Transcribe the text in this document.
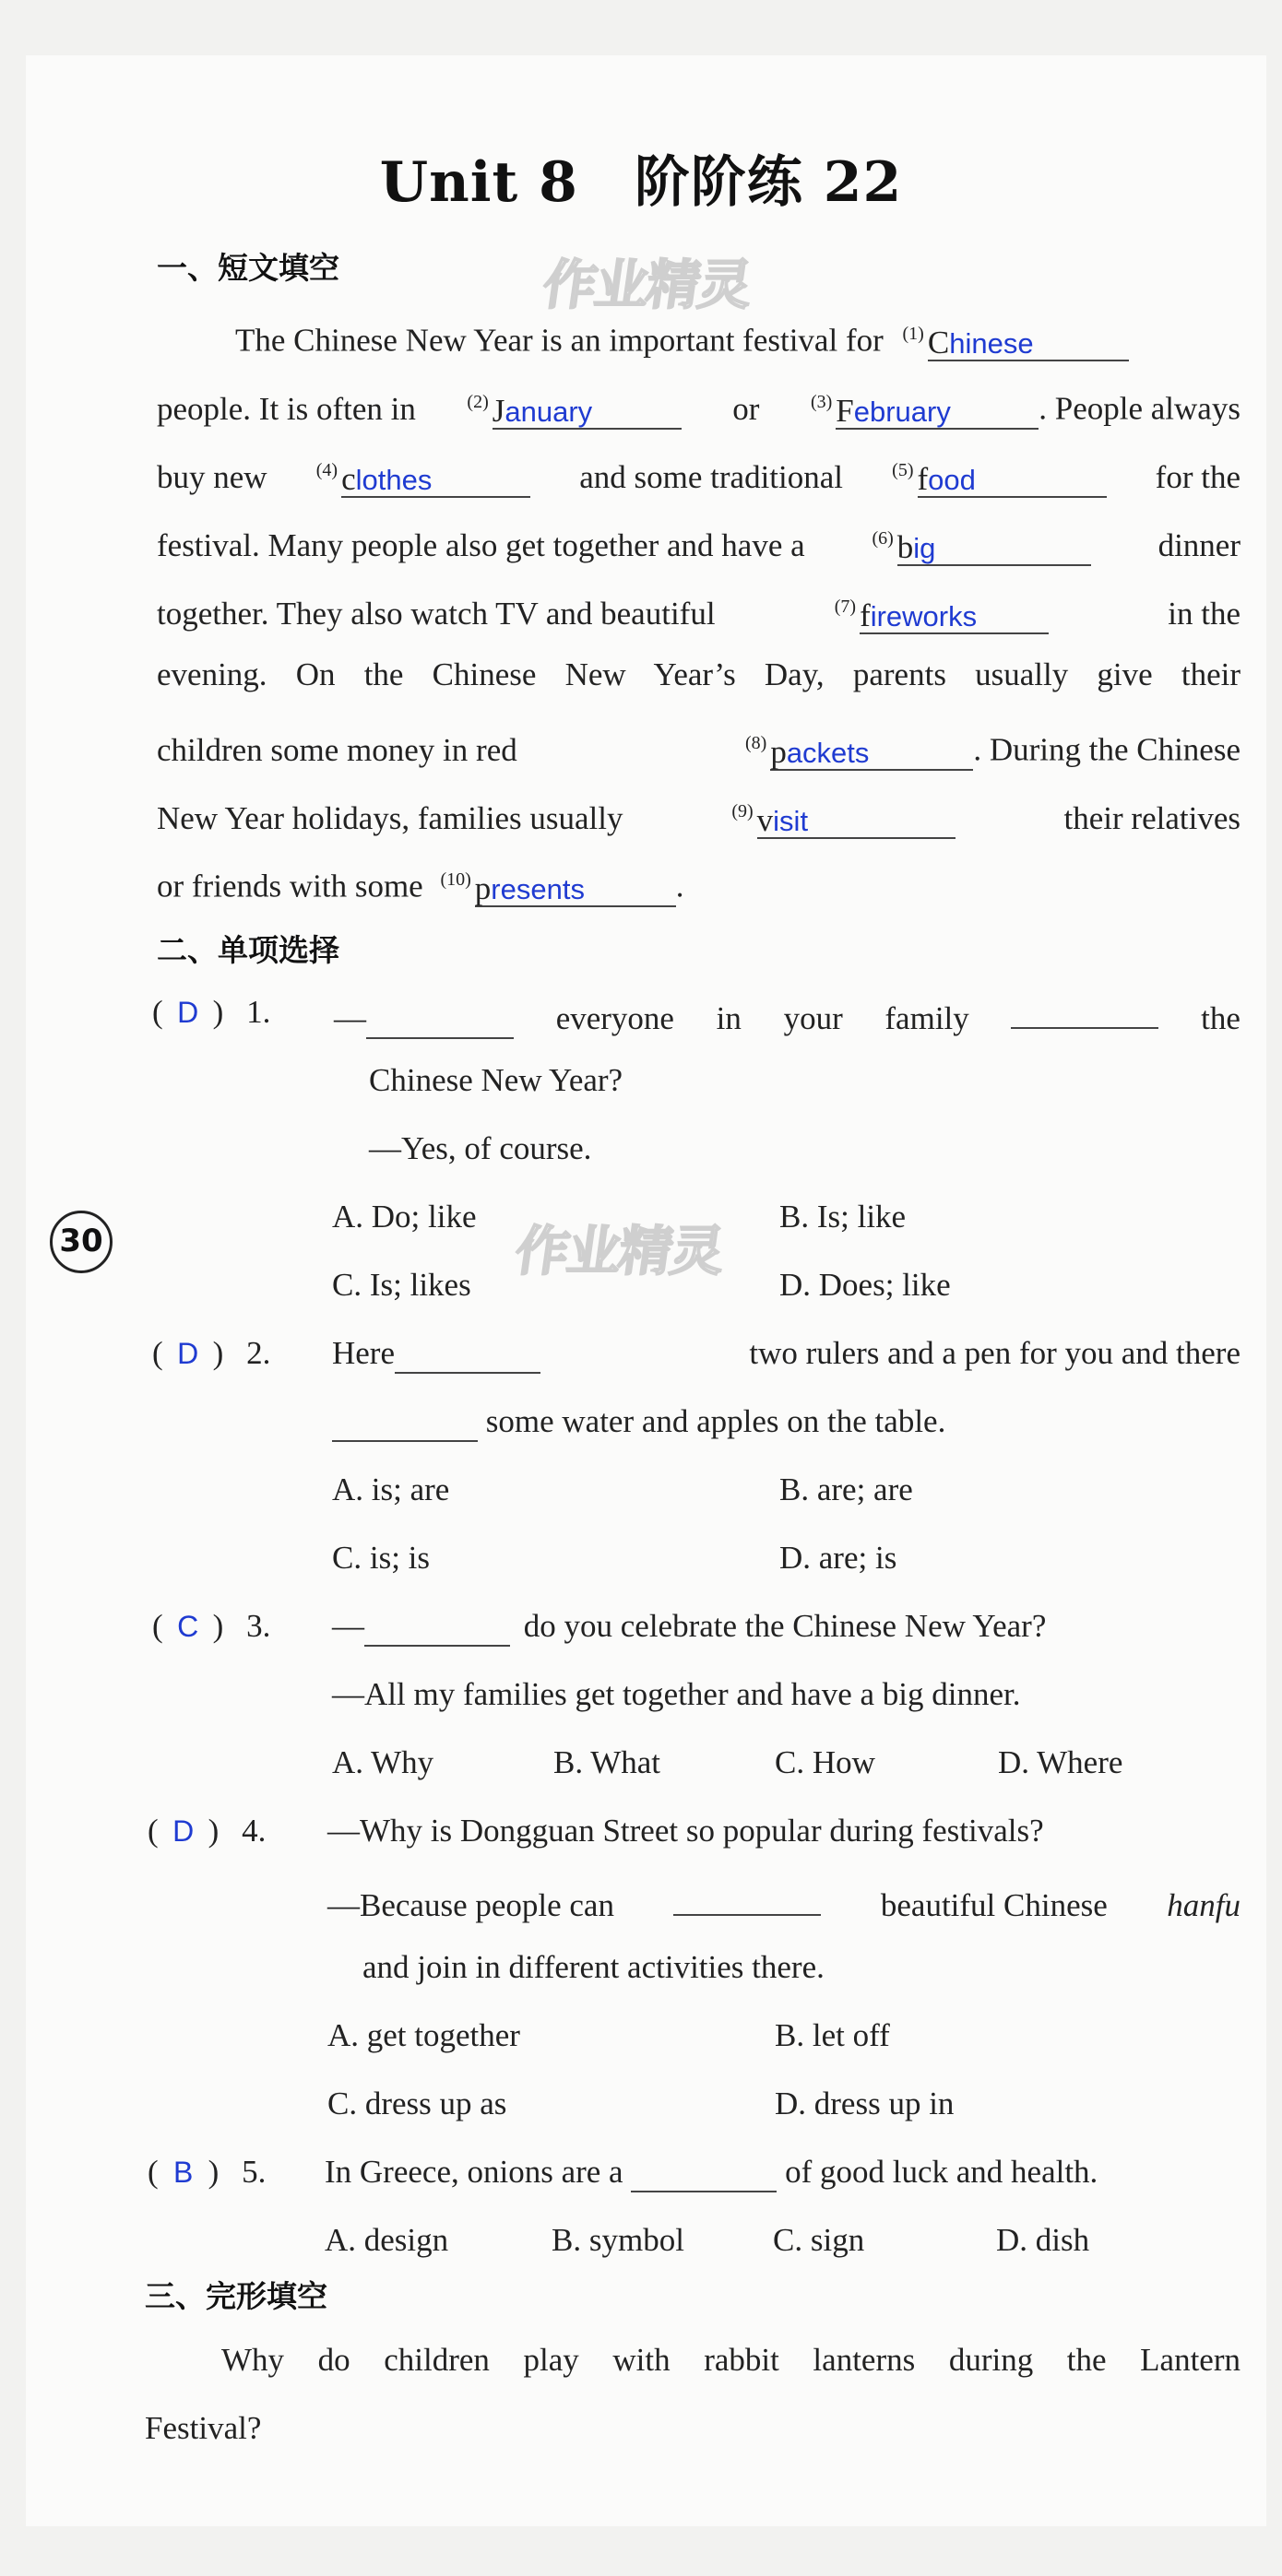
Unit 8 阶阶练 22
作业精灵
作业精灵
30
一、短文填空
The Chinese New Year is an important festival for $^{(1)}$ Chinese
people. It is often in	$^{(2)}$ January	or	$^{(3)}$ February	. People always
buy new	$^{(4)}$ clothes	and some traditional	$^{(5)}$ food	for the
festival. Many people also get together and have a	$^{(6)}$ big	dinner
together. They also watch TV and beautiful	$^{(7)}$ fireworks	in the
evening. On the Chinese New Year’s Day, parents usually give their
children some money in red	$^{(8)}$ packets	. During the Chinese
New Year holidays, families usually	$^{(9)}$ visit	their relatives
or friends with some $^{(10)}$ presents	.
二、单项选择
( D ) 1. —	everyone in your family	the
Chinese New Year?
—Yes, of course.
A. Do; like	B. Is; like
C. Is; likes	D. Does; like
( D ) 2. Here	two rulers and a pen for you and there
some water and apples on the table.
A. is; are	B. are; are
C. is; is	D. are; is
( C ) 3. —	do you celebrate the Chinese New Year?
—All my families get together and have a big dinner.
A. Why	B. What	C. How	D. Where
( D ) 4. —Why is Dongguan Street so popular during festivals?
—Because people can	beautiful Chinese hanfu
and join in different activities there.
A. get together	B. let off
C. dress up as	D. dress up in
( B ) 5. In Greece, onions are a	of good luck and health.
A. design	B. symbol	C. sign	D. dish
三、完形填空
Why do children play with rabbit lanterns during the Lantern
Festival?
